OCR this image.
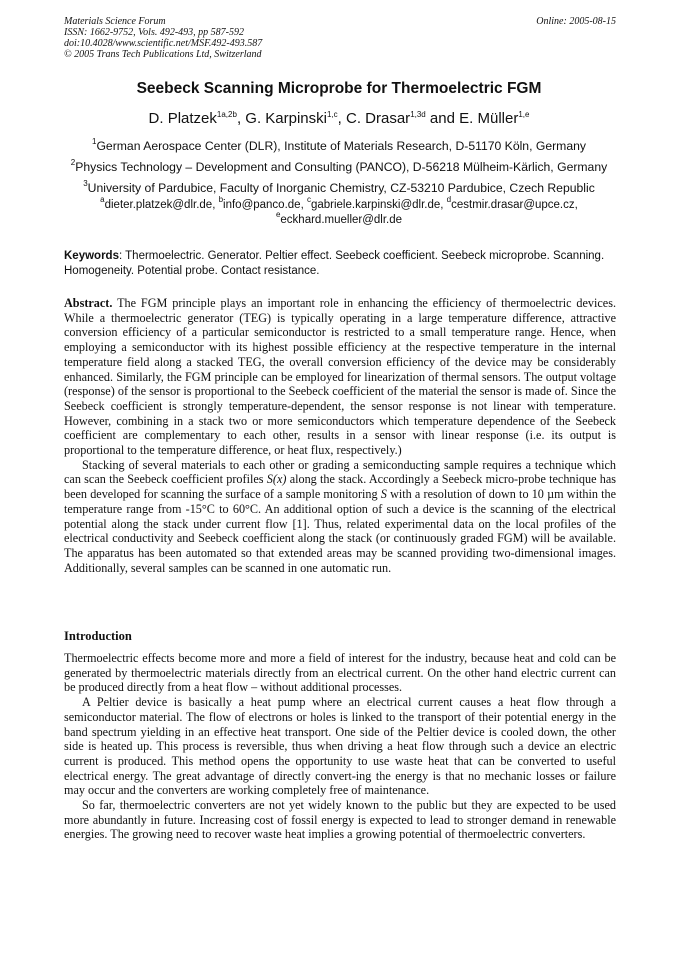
Materials Science Forum
ISSN: 1662-9752, Vols. 492-493, pp 587-592
doi:10.4028/www.scientific.net/MSF.492-493.587
© 2005 Trans Tech Publications Ltd, Switzerland
Online: 2005-08-15
Seebeck Scanning Microprobe for Thermoelectric FGM
D. Platzek$^{1a,2b}$, G. Karpinski$^{1,c}$, C. Drasar$^{1,3d}$ and E. Müller$^{1,e}$
$^1$German Aerospace Center (DLR), Institute of Materials Research, D-51170 Köln, Germany
$^2$Physics Technology – Development and Consulting (PANCO), D-56218 Mülheim-Kärlich, Germany
$^3$University of Pardubice, Faculty of Inorganic Chemistry, CZ-53210 Pardubice, Czech Republic
$^a$dieter.platzek@dlr.de, $^b$info@panco.de, $^c$gabriele.karpinski@dlr.de, $^d$cestmir.drasar@upce.cz,
$^e$eckhard.mueller@dlr.de
Keywords: Thermoelectric. Generator. Peltier effect. Seebeck coefficient. Seebeck microprobe. Scanning. Homogeneity. Potential probe. Contact resistance.

Abstract. The FGM principle plays an important role in enhancing the efficiency of thermoelectric devices. While a thermoelectric generator (TEG) is typically operating in a large temperature difference, attractive conversion efficiency of a particular semiconductor is restricted to a small temperature range. Hence, when employing a semiconductor with its highest possible efficiency at the respective temperature in the internal temperature field along a stacked TEG, the overall conversion efficiency of the device may be considerably enhanced. Similarly, the FGM principle can be employed for linearization of thermal sensors. The output voltage (response) of the sensor is proportional to the Seebeck coefficient of the material the sensor is made of. Since the Seebeck coefficient is strongly temperature-dependent, the sensor response is not linear with temperature. However, combining in a stack two or more semiconductors which temperature dependence of the Seebeck coefficient are complementary to each other, results in a sensor with linear response (i.e. its output is proportional to the temperature difference, or heat flux, respectively.)

Stacking of several materials to each other or grading a semiconducting sample requires a technique which can scan the Seebeck coefficient profiles S(x) along the stack. Accordingly a Seebeck micro-probe technique has been developed for scanning the surface of a sample monitoring S with a resolution of down to 10 µm within the temperature range from -15°C to 60°C. An additional option of such a device is the scanning of the electrical potential along the stack under current flow [1]. Thus, related experimental data on the local profiles of the electrical conductivity and Seebeck coefficient along the stack (or continuously graded FGM) will be available. The apparatus has been automated so that extended areas may be scanned providing two-dimensional images. Additionally, several samples can be scanned in one automatic run.

Introduction

Thermoelectric effects become more and more a field of interest for the industry, because heat and cold can be generated by thermoelectric materials directly from an electrical current. On the other hand electric current can be produced directly from a heat flow – without additional processes.

A Peltier device is basically a heat pump where an electrical current causes a heat flow through a semiconductor material. The flow of electrons or holes is linked to the transport of their potential energy in the band spectrum yielding in an effective heat transport. One side of the Peltier device is cooled down, the other side is heated up. This process is reversible, thus when driving a heat flow through such a device an electric current is produced. This method opens the opportunity to use waste heat that can be converted to useful electrical energy. The great advantage of directly convert-ing the energy is that no mechanic losses or failure may occur and the converters are working completely free of maintenance.

So far, thermoelectric converters are not yet widely known to the public but they are expected to be used more abundantly in future. Increasing cost of fossil energy is expected to lead to stronger demand in renewable energies. The growing need to recover waste heat implies a growing potential of thermoelectric converters.
